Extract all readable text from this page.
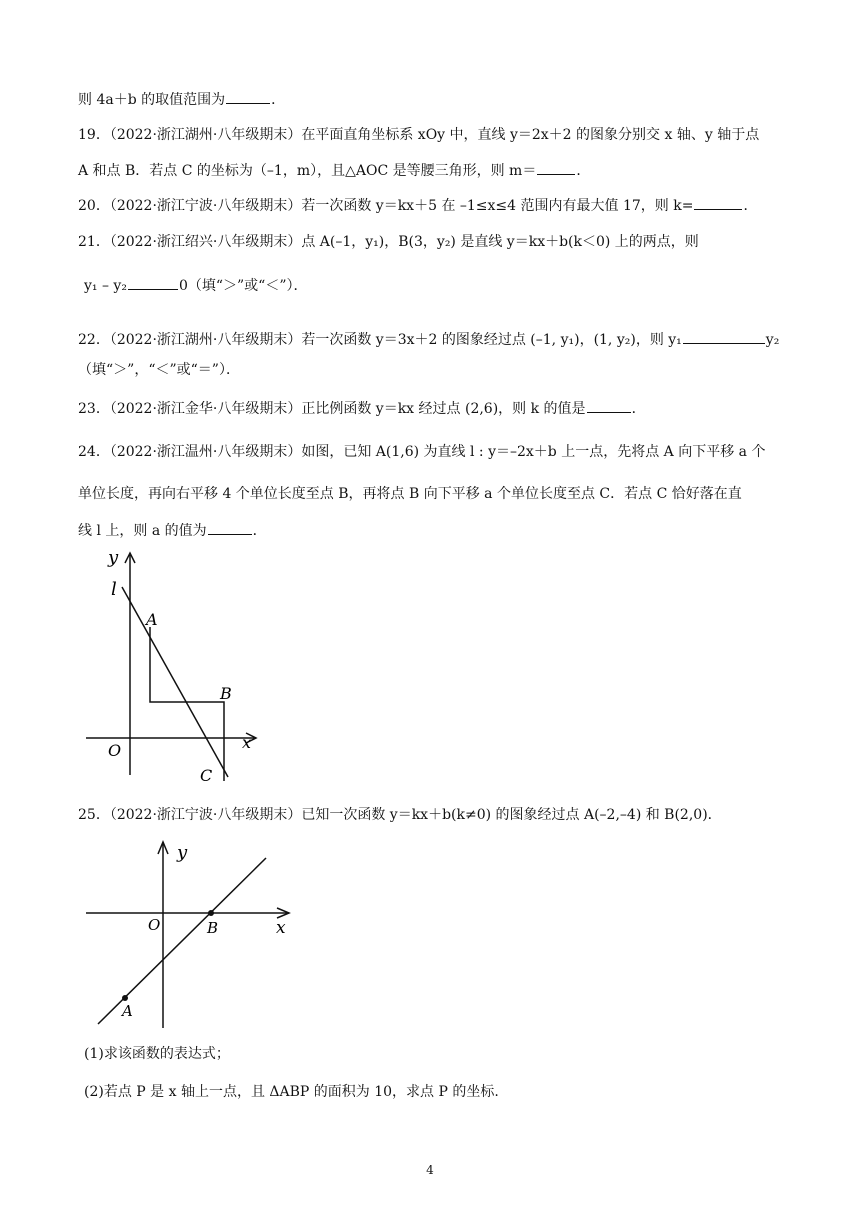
则 4a＋b 的取值范围为	．
19．（2022·浙江湖州·八年级期末）在平面直角坐标系 xOy 中，直线 y＝2x＋2 的图象分别交 x 轴、y 轴于点
A 和点 B．若点 C 的坐标为（–1，m），且△AOC 是等腰三角形，则 m＝	．
20．（2022·浙江宁波·八年级期末）若一次函数 y＝kx＋5 在 –1≤x≤4 范围内有最大值 17，则 k=	．
21．（2022·浙江绍兴·八年级期末）点 A(–1，y₁)，B(3，y₂) 是直线 y＝kx＋b(k＜0) 上的两点，则
y₁ – y₂	0（填“＞”或“＜”）．
22．（2022·浙江湖州·八年级期末）若一次函数 y＝3x＋2 的图象经过点 (–1, y₁)，(1, y₂)，则 y₁	y₂
（填“＞”，“＜”或“＝”）．
23．（2022·浙江金华·八年级期末）正比例函数 y＝kx 经过点 (2,6)，则 k 的值是	．
24．（2022·浙江温州·八年级期末）如图，已知 A(1,6) 为直线 l : y＝–2x＋b 上一点，先将点 A 向下平移 a 个
单位长度，再向右平移 4 个单位长度至点 B，再将点 B 向下平移 a 个单位长度至点 C．若点 C 恰好落在直
线 l 上，则 a 的值为	．
y
l
A
B
O	x
C
25．（2022·浙江宁波·八年级期末）已知一次函数 y＝kx＋b(k≠0) 的图象经过点 A(–2,–4) 和 B(2,0)．
y
O	B	x
A
(1)求该函数的表达式；
(2)若点 P 是 x 轴上一点，且 ΔABP 的面积为 10，求点 P 的坐标.
4
